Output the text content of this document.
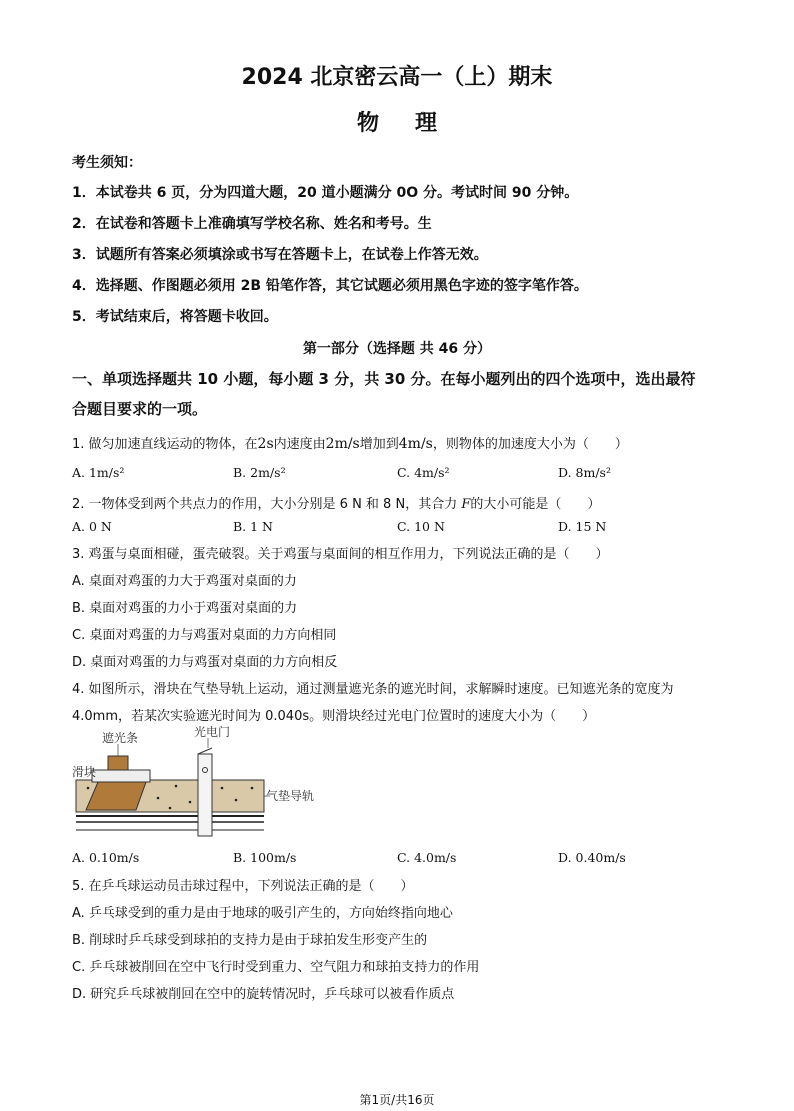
2024 北京密云高一（上）期末
物理
考生须知：
1．本试卷共 6 页，分为四道大题，20 道小题满分 0O 分。考试时间 90 分钟。
2．在试卷和答题卡上准确填写学校名称、姓名和考号。生
3．试题所有答案必须填涂或书写在答题卡上，在试卷上作答无效。
4．选择题、作图题必须用 2B 铅笔作答，其它试题必须用黑色字迹的签字笔作答。
5．考试结束后，将答题卡收回。
第一部分（选择题 共 46 分）
一、单项选择题共 10 小题，每小题 3 分，共 30 分。在每小题列出的四个选项中，选出最符
合题目要求的一项。
1. 做匀加速直线运动的物体，在2s内速度由2m/s增加到4m/s，则物体的加速度大小为（　　）
A. 1m/s²	B. 2m/s²	C. 4m/s²	D. 8m/s²
2. 一物体受到两个共点力的作用，大小分别是 6 N 和 8 N，其合力 F的大小可能是（　　）
A. 0 N	B. 1 N	C. 10 N	D. 15 N
3. 鸡蛋与桌面相碰，蛋壳破裂。关于鸡蛋与桌面间的相互作用力，下列说法正确的是（　　）
A. 桌面对鸡蛋的力大于鸡蛋对桌面的力
B. 桌面对鸡蛋的力小于鸡蛋对桌面的力
C. 桌面对鸡蛋的力与鸡蛋对桌面的力方向相同
D. 桌面对鸡蛋的力与鸡蛋对桌面的力方向相反
4. 如图所示，滑块在气垫导轨上运动，通过测量遮光条的遮光时间，求解瞬时速度。已知遮光条的宽度为
4.0mm，若某次实验遮光时间为 0.040s。则滑块经过光电门位置时的速度大小为（　　）
遮光条	光电门
滑块
气垫导轨
A. 0.10m/s	B. 100m/s	C. 4.0m/s	D. 0.40m/s
5. 在乒乓球运动员击球过程中，下列说法正确的是（　　）
A. 乒乓球受到的重力是由于地球的吸引产生的，方向始终指向地心
B. 削球时乒乓球受到球拍的支持力是由于球拍发生形变产生的
C. 乒乓球被削回在空中飞行时受到重力、空气阻力和球拍支持力的作用
D. 研究乒乓球被削回在空中的旋转情况时，乒乓球可以被看作质点
第1页/共16页
